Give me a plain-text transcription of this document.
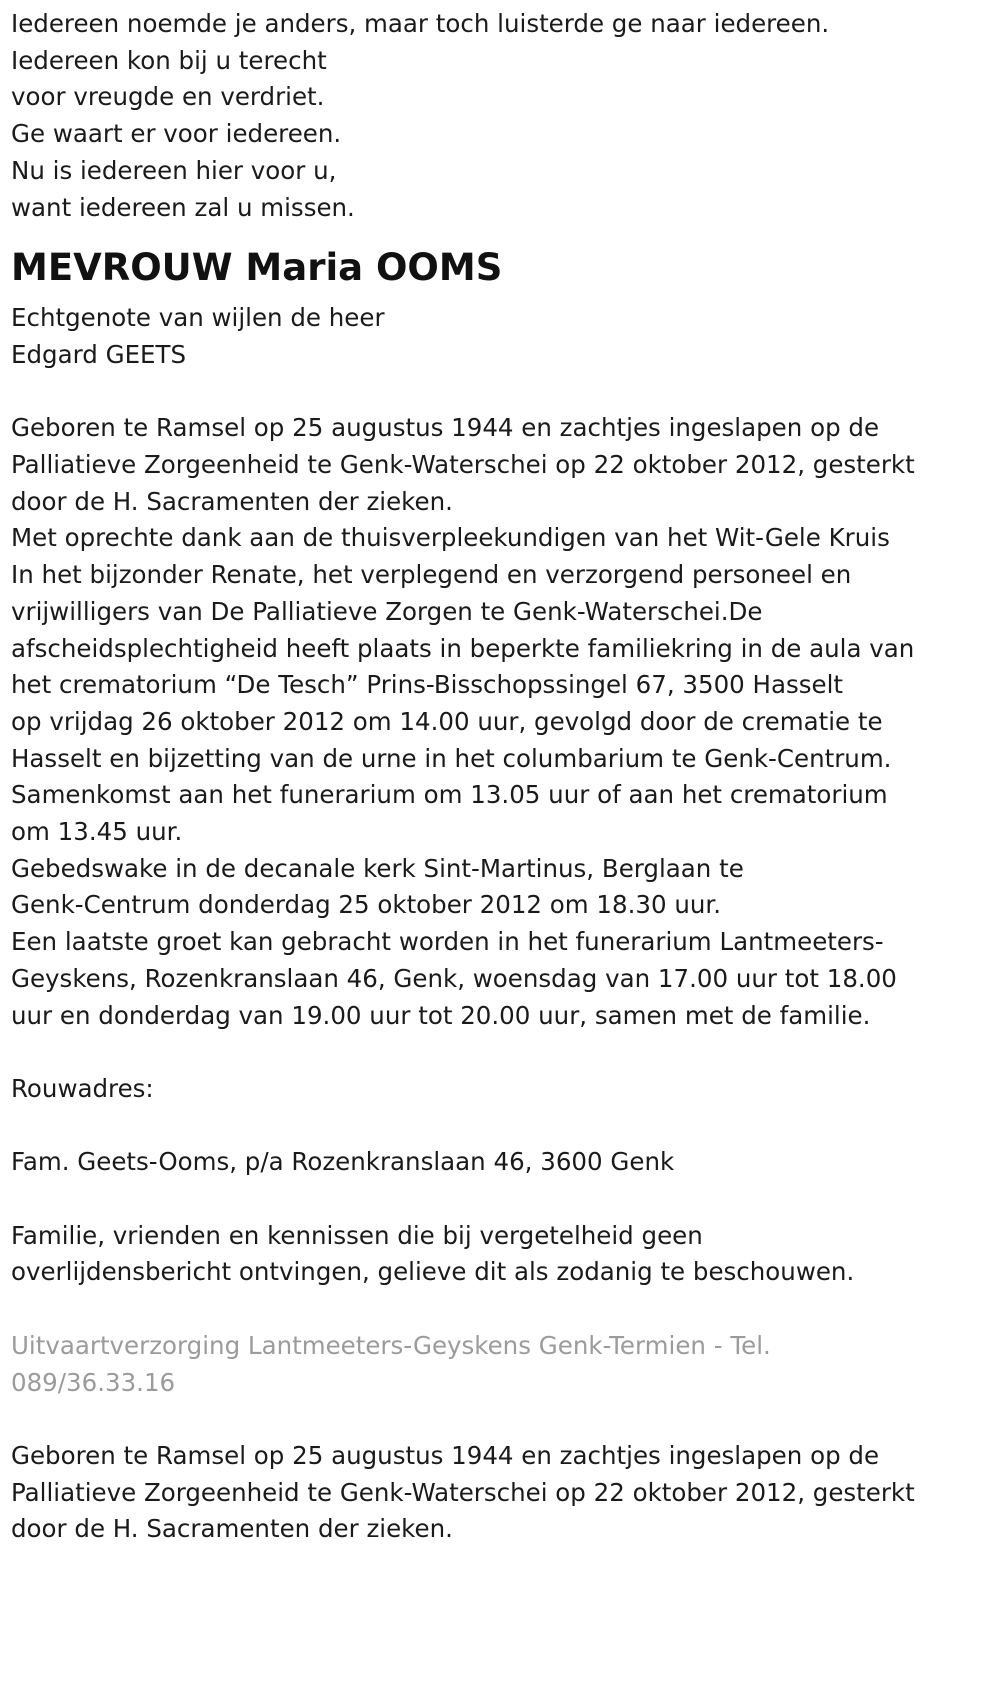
Iedereen noemde je anders, maar toch luisterde ge naar iedereen.
Iedereen kon bij u terecht
voor vreugde en verdriet.
Ge waart er voor iedereen.
Nu is iedereen hier voor u,
want iedereen zal u missen.
MEVROUW Maria OOMS
Echtgenote van wijlen de heer
Edgard GEETS
Geboren te Ramsel op 25 augustus 1944 en zachtjes ingeslapen op de
Palliatieve Zorgeenheid te Genk-Waterschei op 22 oktober 2012, gesterkt
door de H. Sacramenten der zieken.
Met oprechte dank aan de thuisverpleekundigen van het Wit-Gele Kruis
In het bijzonder Renate, het verplegend en verzorgend personeel en
vrijwilligers van De Palliatieve Zorgen te Genk-Waterschei.De
afscheidsplechtigheid heeft plaats in beperkte familiekring in de aula van
het crematorium “De Tesch” Prins-Bisschopssingel 67, 3500 Hasselt
op vrijdag 26 oktober 2012 om 14.00 uur, gevolgd door de crematie te
Hasselt en bijzetting van de urne in het columbarium te Genk-Centrum.
Samenkomst aan het funerarium om 13.05 uur of aan het crematorium
om 13.45 uur.
Gebedswake in de decanale kerk Sint-Martinus, Berglaan te
Genk-Centrum donderdag 25 oktober 2012 om 18.30 uur.
Een laatste groet kan gebracht worden in het funerarium Lantmeeters-
Geyskens, Rozenkranslaan 46, Genk, woensdag van 17.00 uur tot 18.00
uur en donderdag van 19.00 uur tot 20.00 uur, samen met de familie.
Rouwadres:
Fam. Geets-Ooms, p/a Rozenkranslaan 46, 3600 Genk
Familie, vrienden en kennissen die bij vergetelheid geen
overlijdensbericht ontvingen, gelieve dit als zodanig te beschouwen.
Uitvaartverzorging Lantmeeters-Geyskens Genk-Termien - Tel.
089/36.33.16
Geboren te Ramsel op 25 augustus 1944 en zachtjes ingeslapen op de
Palliatieve Zorgeenheid te Genk-Waterschei op 22 oktober 2012, gesterkt
door de H. Sacramenten der zieken.
